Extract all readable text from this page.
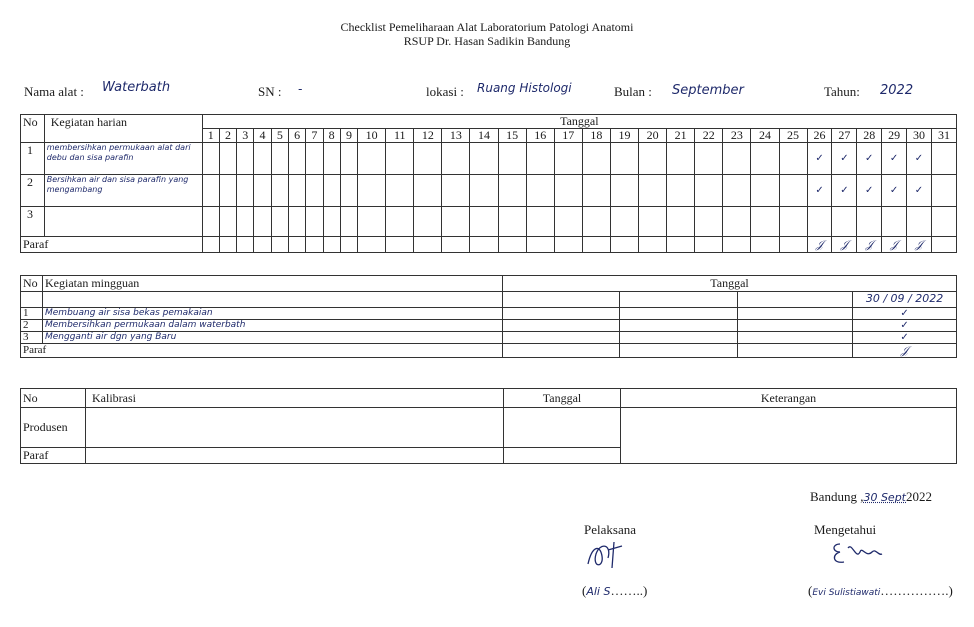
Checklist Pemeliharaan Alat Laboratorium Patologi Anatomi
RSUP Dr. Hasan Sadikin Bandung
Nama alat : Waterbath	SN : -	lokasi : Ruang Histologi	Bulan : September	Tahun: 2022
No	Kegiatan harian	Tanggal																														
		1	2	3	4	5	6	7	8	9	10	11	12	13	14	15	16	17	18	19	20	21	22	23	24	25	26	27	28	29	30	31
1	membersihkan permukaan alat dari debu dan sisa parafin																										✓	✓	✓	✓	✓	
2	Bersihkan air dan sisa parafin yang mengambang																										✓	✓	✓	✓	✓	
3																																
Paraf																											𝒥	𝒥	𝒥	𝒥	𝒥	
No	Kegiatan mingguan	Tanggal			
					30 / 09 / 2022
1	Membuang air sisa bekas pemakaian				✓
2	Membersihkan permukaan dalam waterbath				✓
3	Mengganti air dgn yang Baru				✓
Paraf					𝒥
No	Kalibrasi	Tanggal	Keterangan
Produsen			
Paraf			
Bandung ,30 Sept2022
Pelaksana
(Ali S……..)
Mengetahui
(Evi Sulistiawati…………….)
